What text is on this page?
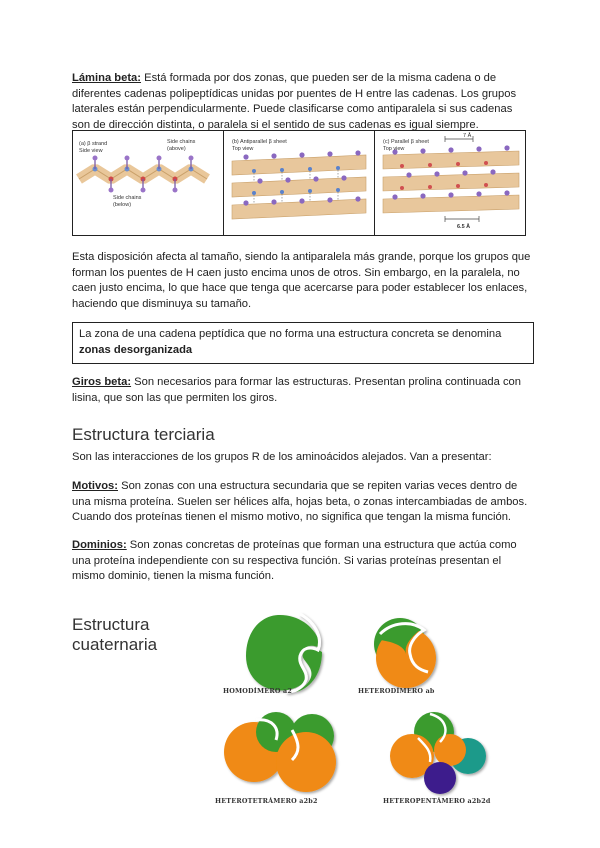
Lámina beta: Está formada por dos zonas, que pueden ser de la misma cadena o de diferentes cadenas polipeptídicas unidas por puentes de H entre las cadenas. Los grupos laterales están perpendicularmente. Puede clasificarse como antiparalela si sus cadenas son de dirección distinta, o paralela si el sentido de sus cadenas es igual siempre.
(a) β strand
Side view
Side chains (above)
Side chains (below)
(b) Antiparallel β sheet
Top view
(c) Parallel β sheet
Top view
7 Å
6.5 Å
Esta disposición afecta al tamaño, siendo la antiparalela más grande, porque los grupos que forman los puentes de H caen justo encima unos de otros. Sin embargo, en la paralela, no caen justo encima, lo que hace que tenga que acercarse para poder establecer los enlaces, haciendo que disminuya su tamaño.
La zona de una cadena peptídica que no forma una estructura concreta se denomina
zonas desorganizada
Giros beta: Son necesarios para formar las estructuras. Presentan prolina continuada con lisina, que son las que permiten los giros.
Estructura terciaria
Son las interacciones de los grupos R de los aminoácidos alejados. Van a presentar:
Motivos: Son zonas con una estructura secundaria que se repiten varias veces dentro de una misma proteína. Suelen ser hélices alfa, hojas beta, o zonas intercambiadas de ambos. Cuando dos proteínas tienen el mismo motivo, no significa que tengan la misma función.
Dominios: Son zonas concretas de proteínas que forman una estructura que actúa como una proteína independiente con su respectiva función. Si varias proteínas presentan el mismo dominio, tienen la misma función.
Estructura
cuaternaria
HOMODÍMERO a2	HETERODÍMERO ab
HETEROTETRÁMERO a2b2	HETEROPENTÁMERO a2b2d
